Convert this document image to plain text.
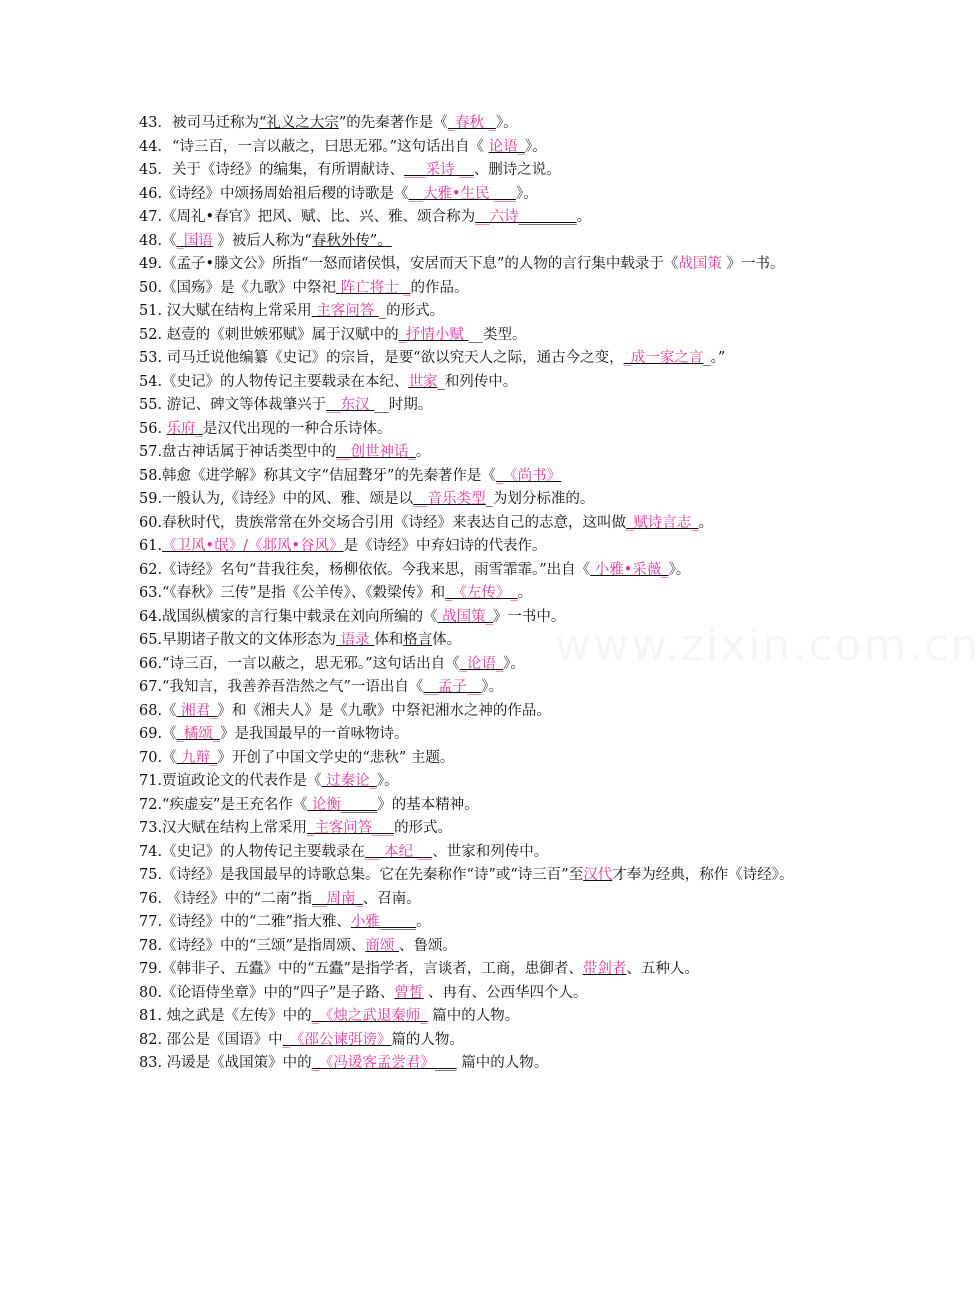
43．被司马迁称为“礼义之大宗”的先秦著作是《_春秋 _》。
44．“诗三百，一言以蔽之，曰思无邪。”这句话出自《 论语_》。
45．关于《诗经》的编集，有所谓献诗、___采诗 __、删诗之说。
46.《诗经》中颂扬周始祖后稷的诗歌是《__大雅•生民 ___》。
47.《周礼•春官》把风、赋、比、兴、雅、颂合称为__六诗________。
48.《_国语 》被后人称为“春秋外传”。
49.《孟子•滕文公》所指“一怒而诸侯惧，安居而天下息”的人物的言行集中载录于《战国策 》一书。
50.《国殇》是《九歌》中祭祀 阵亡将士 _的作品。
51. 汉大赋在结构上常采用 主客问答 _的形式。
52. 赵壹的《刺世嫉邪赋》属于汉赋中的_抒情小赋 __类型。
53. 司马迁说他编纂《史记》的宗旨，是要“欲以究天人之际，通古今之变，_成一家之言_。”
54.《史记》的人物传记主要载录在本纪、世家_和列传中。
55. 游记、碑文等体裁肇兴于__东汉 __时期。
56. 乐府_是汉代出现的一种合乐诗体。
57.盘古神话属于神话类型中的__创世神话_。
58.韩愈《进学解》称其文字“佶屈聱牙”的先秦著作是《_《尚书》
59.一般认为,《诗经》中的风、雅、颂是以__音乐类型_为划分标准的。
60.春秋时代，贵族常常在外交场合引用《诗经》来表达自己的志意，这叫做_赋诗言志_。
61.《卫风•氓》/《邶风•谷风》是《诗经》中弃妇诗的代表作。
62.《诗经》名句“昔我往矣，杨柳依依。今我来思，雨雪霏霏。”出自《 小雅•采薇_》。
63.“《春秋》三传”是指《公羊传》、《穀梁传》和_《左传》_。
64.战国纵横家的言行集中载录在刘向所编的《 战国策_》一书中。
65.早期诸子散文的文体形态为 语录 体和格言体。
66.“诗三百，一言以蔽之，思无邪。”这句话出自《_论语_》。
67.“我知言，我善养吾浩然之气”一语出自《__孟子__》。
68.《 湘君_》和《湘夫人》是《九歌》中祭祀湘水之神的作品。
69.《_橘颂_》是我国最早的一首咏物诗。
70.《 九辩_》开创了中国文学史的“悲秋” 主题。
71.贾谊政论文的代表作是《 过秦论_》。
72.“疾虚妄”是王充名作《 论衡_____》的基本精神。
73.汉大赋在结构上常采用_主客问答___的形式。
74.《史记》的人物传记主要载录在__ 本纪 __、世家和列传中。
75.《诗经》是我国最早的诗歌总集。它在先秦称作“诗”或“诗三百”至汉代才奉为经典，称作《诗经》。
76. 《诗经》中的“二南”指__周南_、召南。
77.《诗经》中的“二雅”指大雅、小雅_____。
78.《诗经》中的“三颂”是指周颂、商颂 、鲁颂。
79.《韩非子、五蠹》中的“五蠹”是指学者，言谈者，工商，患御者、带剑者、五种人。
80.《论语侍坐章》中的“四子”是子路、曾皙 、冉有、公西华四个人。
81. 烛之武是《左传》中的_《烛之武退秦师_ 篇中的人物。
82. 邵公是《国语》中_《邵公谏弭谤》篇的人物。
83. 冯谖是《战国策》中的_《冯谖客孟尝君》___ 篇中的人物。
www.zixin.com.cn
